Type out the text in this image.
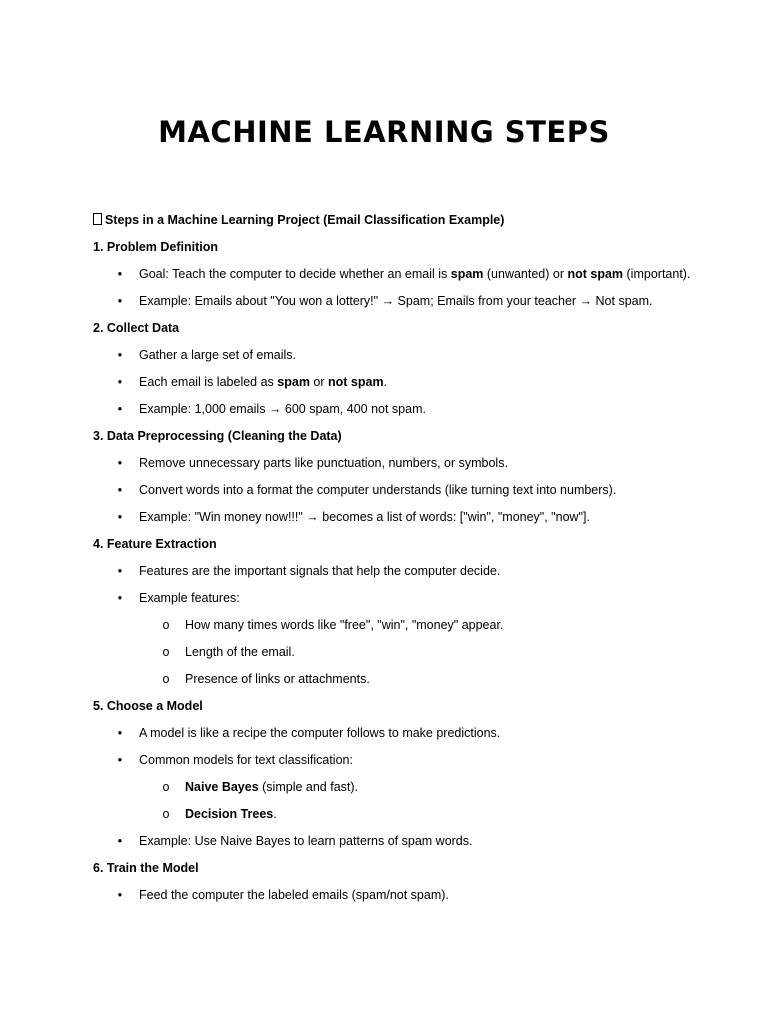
MACHINE LEARNING STEPS

Steps in a Machine Learning Project (Email Classification Example)

1. Problem Definition

• Goal: Teach the computer to decide whether an email is spam (unwanted) or not spam (important).
• Example: Emails about "You won a lottery!" → Spam; Emails from your teacher → Not spam.

2. Collect Data

• Gather a large set of emails.
• Each email is labeled as spam or not spam.
• Example: 1,000 emails → 600 spam, 400 not spam.

3. Data Preprocessing (Cleaning the Data)

• Remove unnecessary parts like punctuation, numbers, or symbols.
• Convert words into a format the computer understands (like turning text into numbers).
• Example: "Win money now!!!" → becomes a list of words: ["win", "money", "now"].

4. Feature Extraction

• Features are the important signals that help the computer decide.
• Example features:
o How many times words like "free", "win", "money" appear.
o Length of the email.
o Presence of links or attachments.

5. Choose a Model

• A model is like a recipe the computer follows to make predictions.
• Common models for text classification:
o Naive Bayes (simple and fast).
o Decision Trees.
• Example: Use Naive Bayes to learn patterns of spam words.

6. Train the Model

• Feed the computer the labeled emails (spam/not spam).
